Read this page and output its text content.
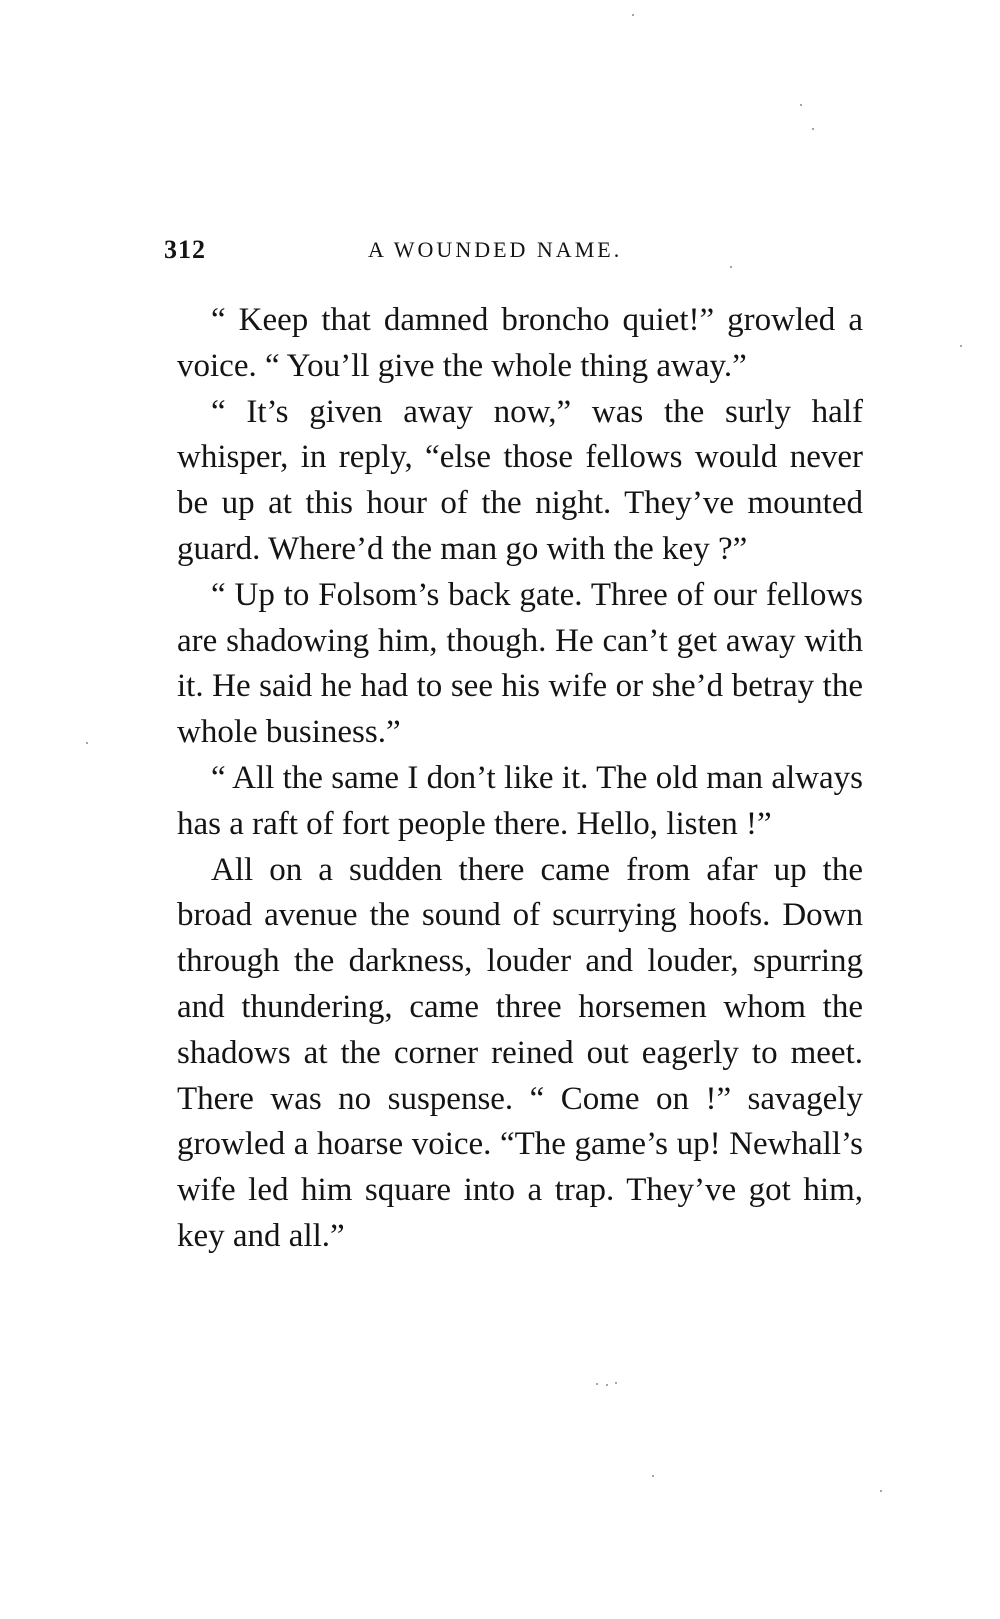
312	A WOUNDED NAME.

“ Keep that damned broncho quiet!” growled a voice. “ You’ll give the whole thing away.”

“ It’s given away now,” was the surly half whisper, in reply, “else those fellows would never be up at this hour of the night. They’ve mounted guard. Where’d the man go with the key ?”

“ Up to Folsom’s back gate. Three of our fellows are shadowing him, though. He can’t get away with it. He said he had to see his wife or she’d betray the whole business.”

“ All the same I don’t like it. The old man always has a raft of fort people there. Hello, listen !”

All on a sudden there came from afar up the broad avenue the sound of scurrying hoofs. Down through the darkness, louder and louder, spurring and thundering, came three horsemen whom the shadows at the corner reined out eagerly to meet. There was no suspense. “ Come on !” savagely growled a hoarse voice. “The game’s up! Newhall’s wife led him square into a trap. They’ve got him, key and all.”
